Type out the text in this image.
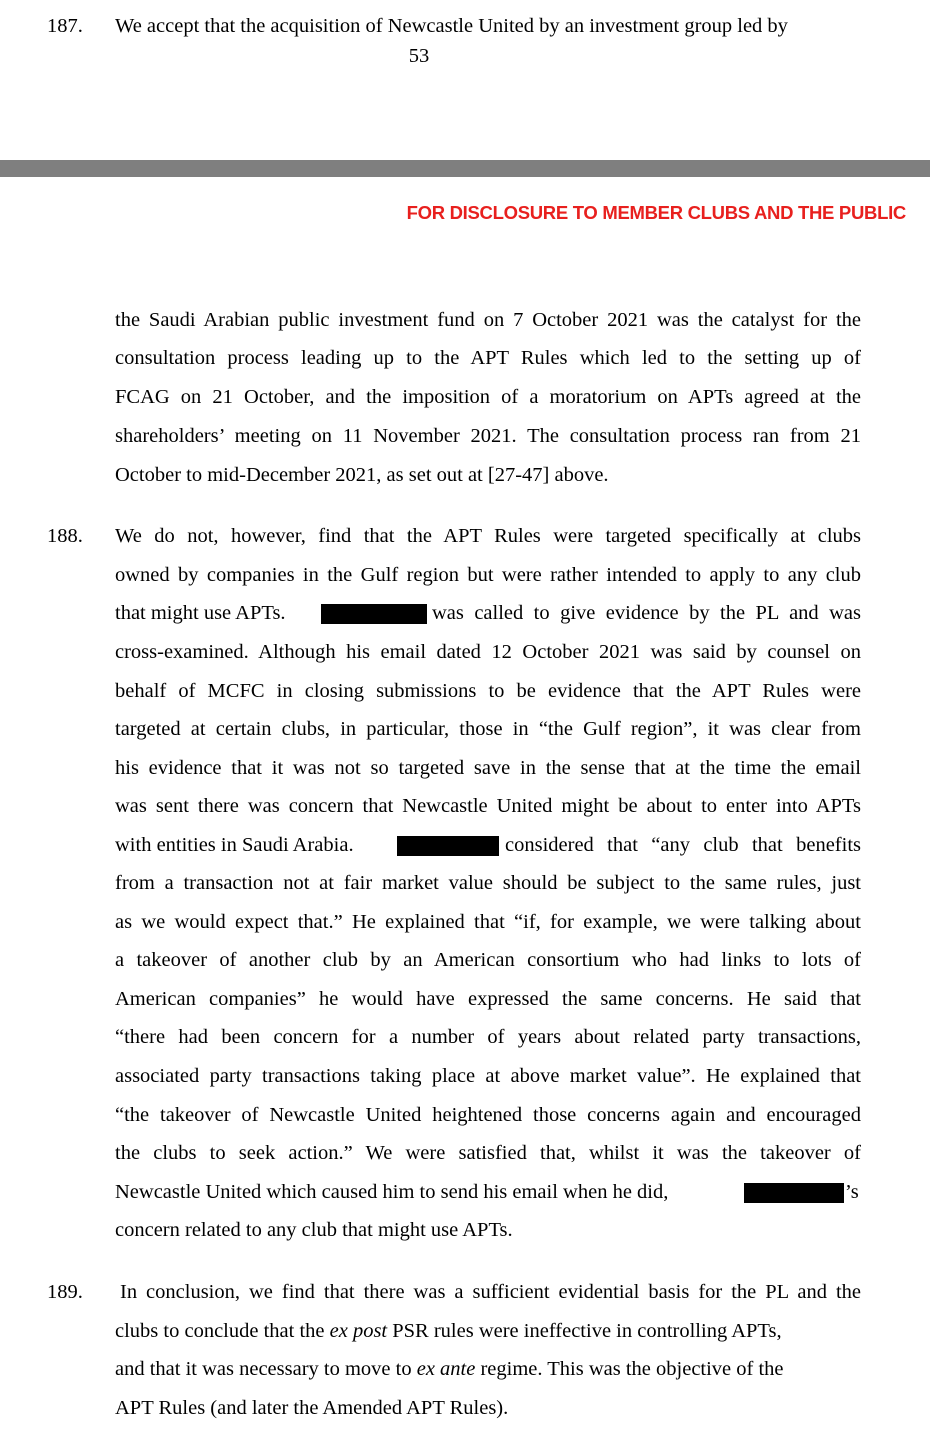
187. We accept that the acquisition of Newcastle United by an investment group led by
53
FOR DISCLOSURE TO MEMBER CLUBS AND THE PUBLIC
the Saudi Arabian public investment fund on 7 October 2021 was the catalyst for the
consultation process leading up to the APT Rules which led to the setting up of
FCAG on 21 October, and the imposition of a moratorium on APTs agreed at the
shareholders’ meeting on 11 November 2021. The consultation process ran from 21
October to mid-December 2021, as set out at [27-47] above.
188. We do not, however, find that the APT Rules were targeted specifically at clubs
owned by companies in the Gulf region but were rather intended to apply to any club
that might use APTs.	was called to give evidence by the PL and was
cross-examined. Although his email dated 12 October 2021 was said by counsel on
behalf of MCFC in closing submissions to be evidence that the APT Rules were
targeted at certain clubs, in particular, those in “the Gulf region”, it was clear from
his evidence that it was not so targeted save in the sense that at the time the email
was sent there was concern that Newcastle United might be about to enter into APTs
with entities in Saudi Arabia.	considered that “any club that benefits
from a transaction not at fair market value should be subject to the same rules, just
as we would expect that.” He explained that “if, for example, we were talking about
a takeover of another club by an American consortium who had links to lots of
American companies” he would have expressed the same concerns. He said that
“there had been concern for a number of years about related party transactions,
associated party transactions taking place at above market value”. He explained that
“the takeover of Newcastle United heightened those concerns again and encouraged
the clubs to seek action.” We were satisfied that, whilst it was the takeover of
Newcastle United which caused him to send his email when he did,	’s
concern related to any club that might use APTs.
189. In conclusion, we find that there was a sufficient evidential basis for the PL and the
clubs to conclude that the ex post PSR rules were ineffective in controlling APTs,
and that it was necessary to move to ex ante regime. This was the objective of the
APT Rules (and later the Amended APT Rules).
